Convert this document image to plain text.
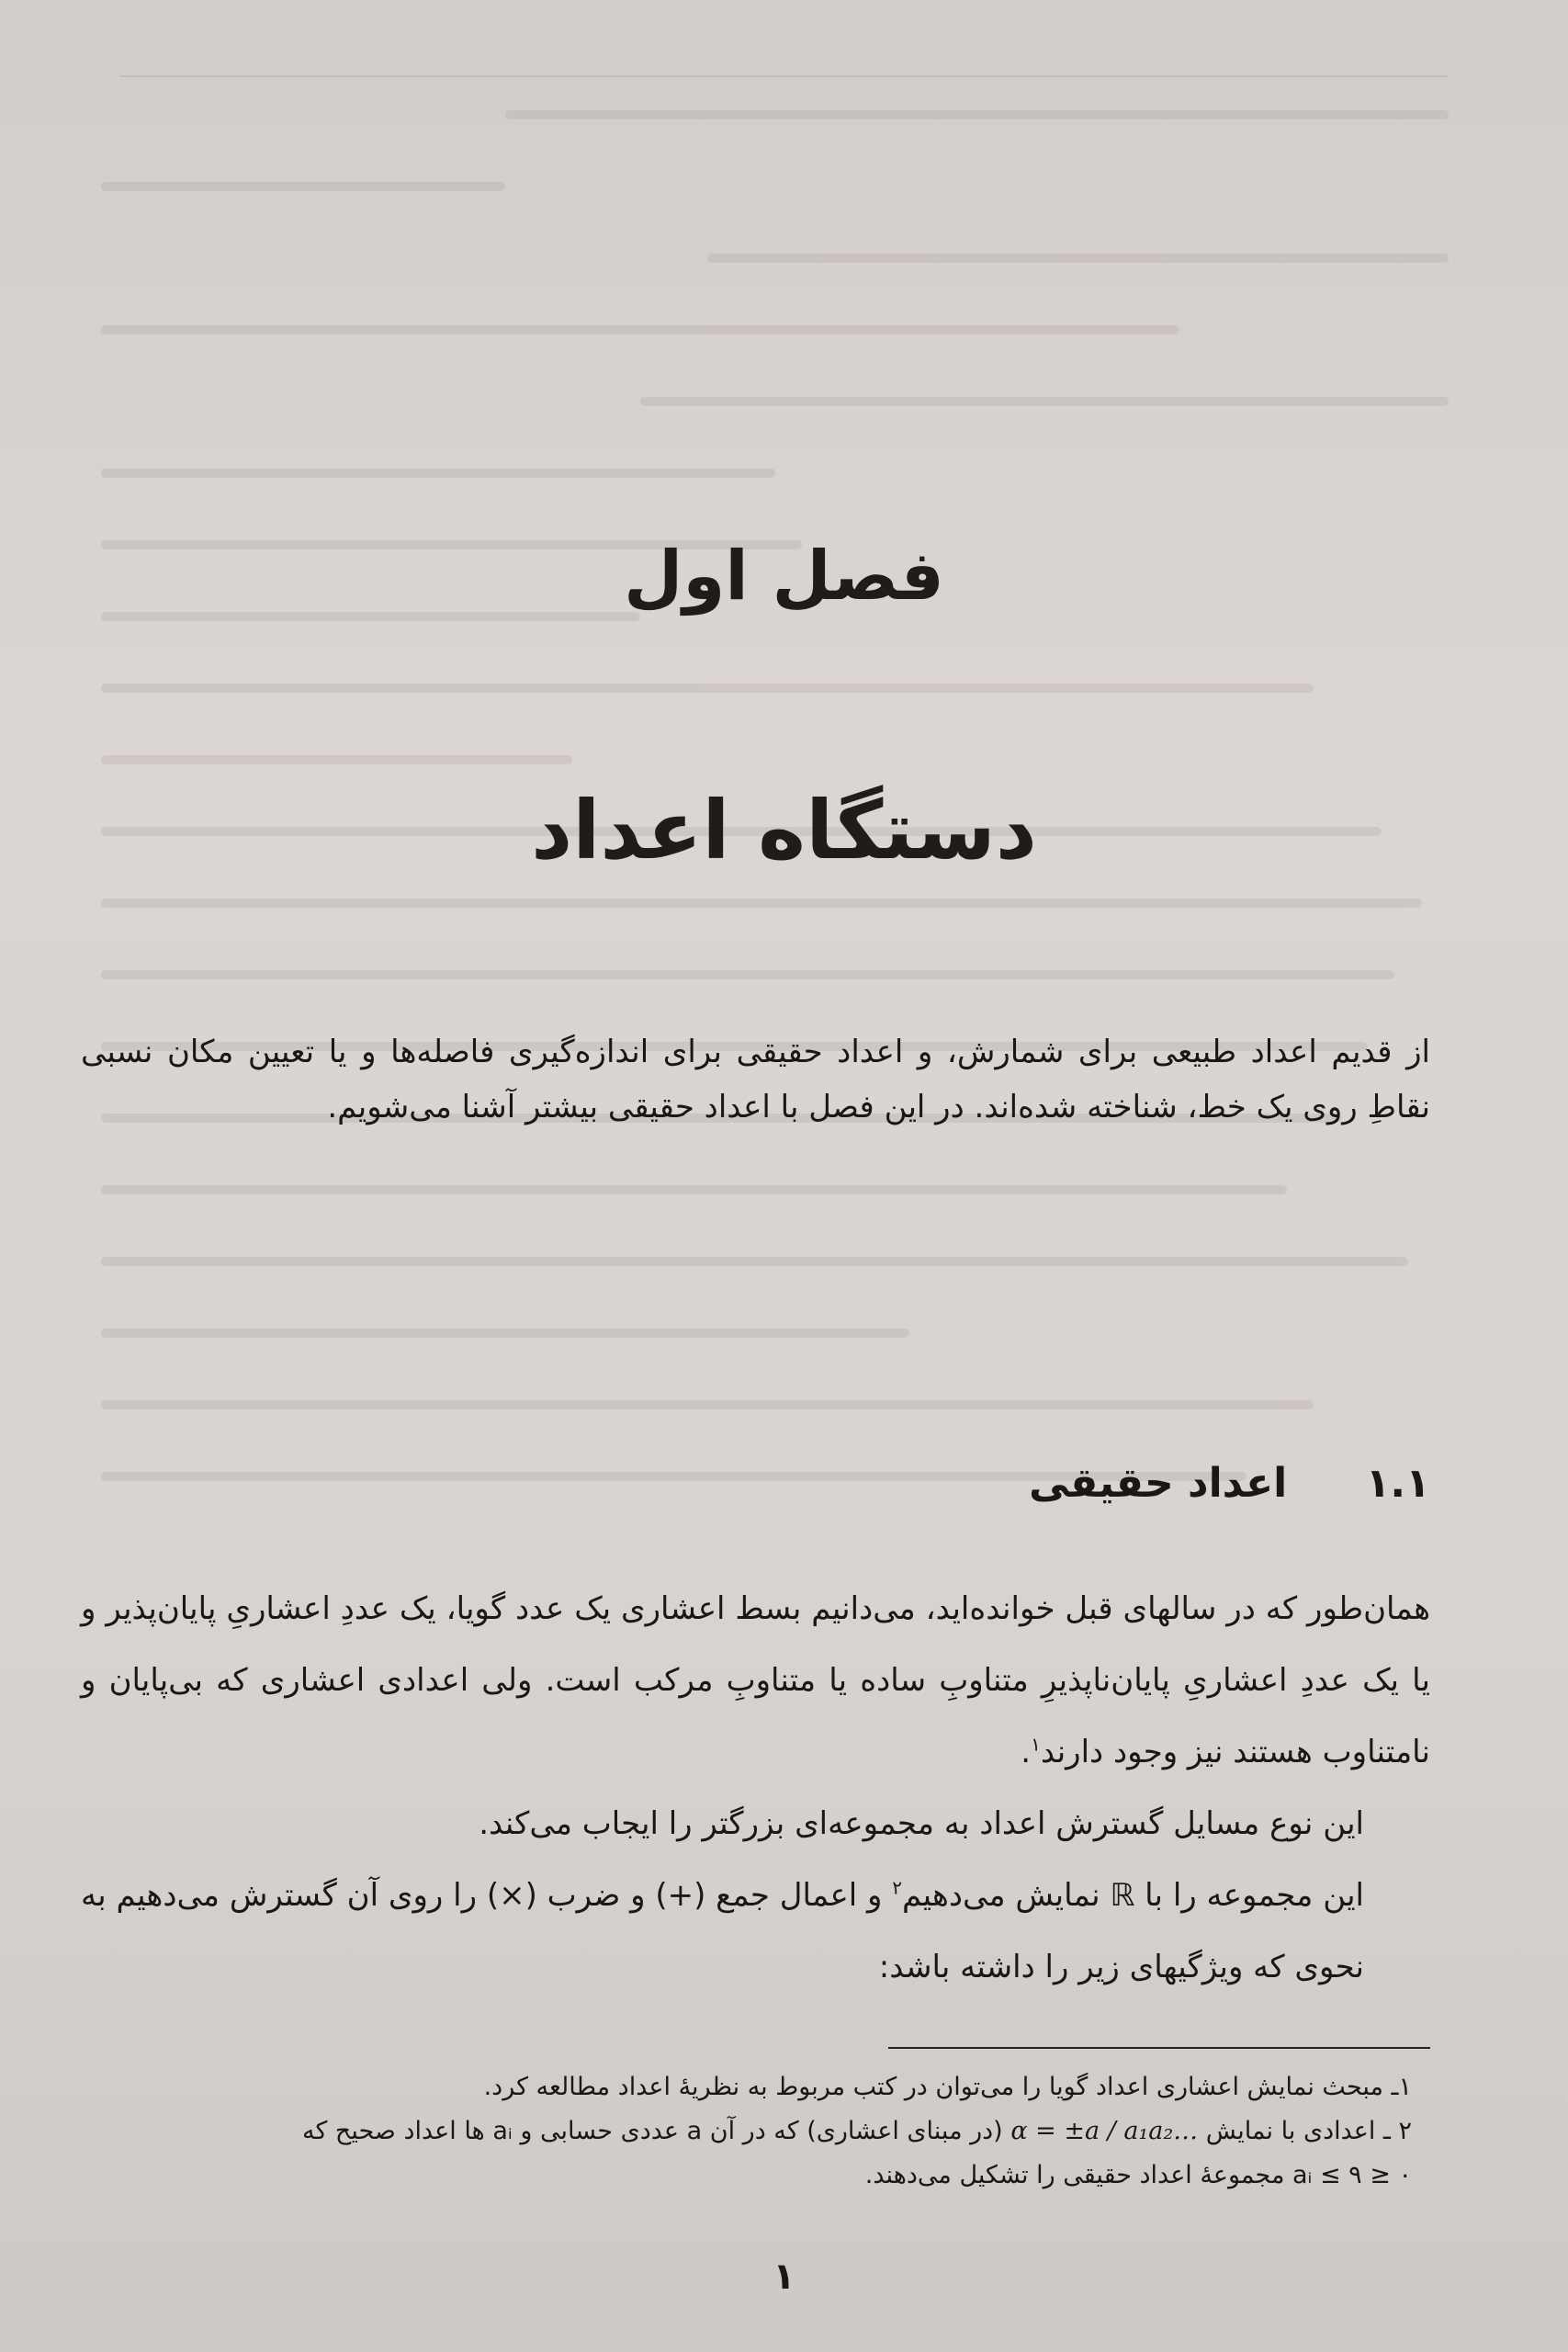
فصل اول
دستگاه اعداد
از قدیم اعداد طبیعی برای شمارش، و اعداد حقیقی برای اندازه‌گیری فاصله‌ها و یا تعیین مکان نسبی نقاطِ روی یک خط، شناخته شده‌اند. در این فصل با اعداد حقیقی بیشتر آشنا می‌شویم.
۱.۱ اعداد حقیقی

همان‌طور که در سالهای قبل خوانده‌اید، می‌دانیم بسط اعشاری یک عدد گویا، یک عددِ اعشاریِ پایان‌پذیر و یا یک عددِ اعشاریِ پایان‌ناپذیرِ متناوبِ ساده یا متناوبِ مرکب است. ولی اعدادی اعشاری که بی‌پایان و نامتناوب هستند نیز وجود دارند$^۱$.

این نوع مسایل گسترش اعداد به مجموعه‌ای بزرگتر را ایجاب می‌کند.

این مجموعه را با ℝ نمایش می‌دهیم$^۲$ و اعمال جمع (+) و ضرب (×) را روی آن گسترش می‌دهیم به نحوی که ویژگیهای زیر را داشته باشد:

۱ـ مبحث نمایش اعشاری اعداد گویا را می‌توان در کتب مربوط به نظریهٔ اعداد مطالعه کرد.

۲ ـ اعدادی با نمایش α = ±a / a₁a₂… (در مبنای اعشاری) که در آن a عددی حسابی و aᵢ ها اعداد صحیح که

۰ ≤ aᵢ ≤ ۹ مجموعهٔ اعداد حقیقی را تشکیل می‌دهند.

۱
